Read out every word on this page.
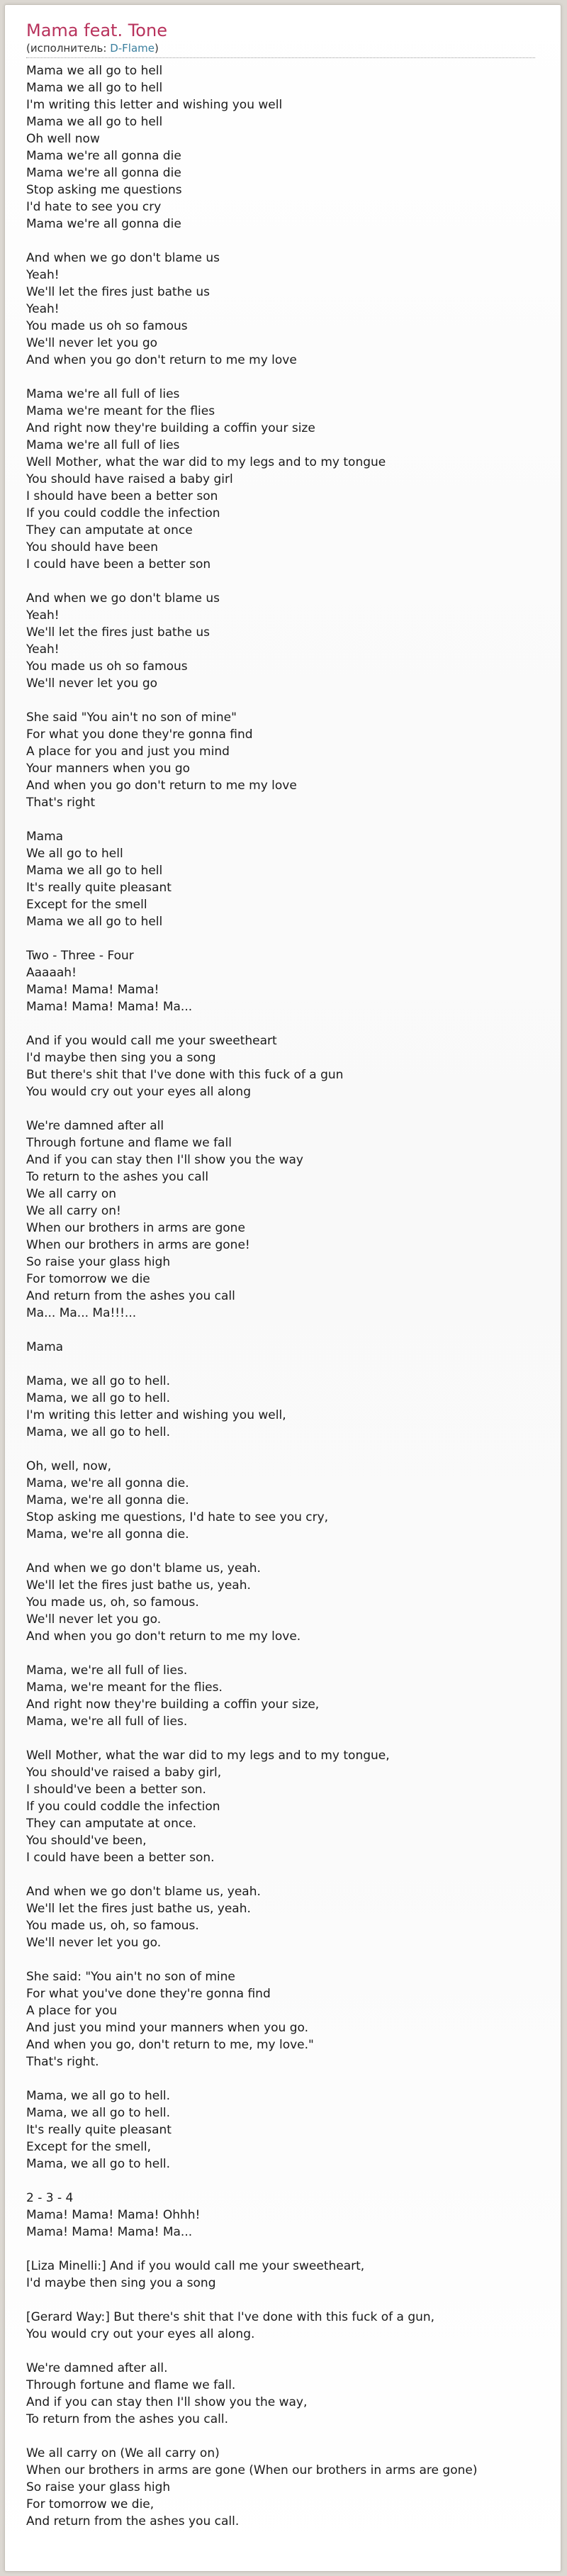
Mama feat. Tone
(исполнитель: D-Flame)
Mama we all go to hell
Mama we all go to hell
I'm writing this letter and wishing you well
Mama we all go to hell
Oh well now
Mama we're all gonna die
Mama we're all gonna die
Stop asking me questions
I'd hate to see you cry
Mama we're all gonna die
And when we go don't blame us
Yeah!
We'll let the fires just bathe us
Yeah!
You made us oh so famous
We'll never let you go
And when you go don't return to me my love
Mama we're all full of lies
Mama we're meant for the flies
And right now they're building a coffin your size
Mama we're all full of lies
Well Mother, what the war did to my legs and to my tongue
You should have raised a baby girl
I should have been a better son
If you could coddle the infection
They can amputate at once
You should have been
I could have been a better son
And when we go don't blame us
Yeah!
We'll let the fires just bathe us
Yeah!
You made us oh so famous
We'll never let you go
She said "You ain't no son of mine"
For what you done they're gonna find
A place for you and just you mind
Your manners when you go
And when you go don't return to me my love
That's right
Mama
We all go to hell
Mama we all go to hell
It's really quite pleasant
Except for the smell
Mama we all go to hell
Two - Three - Four
Aaaaah!
Mama! Mama! Mama!
Mama! Mama! Mama! Ma...
And if you would call me your sweetheart
I'd maybe then sing you a song
But there's shit that I've done with this fuck of a gun
You would cry out your eyes all along
We're damned after all
Through fortune and flame we fall
And if you can stay then I'll show you the way
To return to the ashes you call
We all carry on
We all carry on!
When our brothers in arms are gone
When our brothers in arms are gone!
So raise your glass high
For tomorrow we die
And return from the ashes you call
Ma... Ma... Ma!!!...
Mama
Mama, we all go to hell.
Mama, we all go to hell.
I'm writing this letter and wishing you well,
Mama, we all go to hell.
Oh, well, now,
Mama, we're all gonna die.
Mama, we're all gonna die.
Stop asking me questions, I'd hate to see you cry,
Mama, we're all gonna die.
And when we go don't blame us, yeah.
We'll let the fires just bathe us, yeah.
You made us, oh, so famous.
We'll never let you go.
And when you go don't return to me my love.
Mama, we're all full of lies.
Mama, we're meant for the flies.
And right now they're building a coffin your size,
Mama, we're all full of lies.
Well Mother, what the war did to my legs and to my tongue,
You should've raised a baby girl,
I should've been a better son.
If you could coddle the infection
They can amputate at once.
You should've been,
I could have been a better son.
And when we go don't blame us, yeah.
We'll let the fires just bathe us, yeah.
You made us, oh, so famous.
We'll never let you go.
She said: "You ain't no son of mine
For what you've done they're gonna find
A place for you
And just you mind your manners when you go.
And when you go, don't return to me, my love."
That's right.
Mama, we all go to hell.
Mama, we all go to hell.
It's really quite pleasant
Except for the smell,
Mama, we all go to hell.
2 - 3 - 4
Mama! Mama! Mama! Ohhh!
Mama! Mama! Mama! Ma...
[Liza Minelli:] And if you would call me your sweetheart,
I'd maybe then sing you a song
[Gerard Way:] But there's shit that I've done with this fuck of a gun,
You would cry out your eyes all along.
We're damned after all.
Through fortune and flame we fall.
And if you can stay then I'll show you the way,
To return from the ashes you call.
We all carry on (We all carry on)
When our brothers in arms are gone (When our brothers in arms are gone)
So raise your glass high
For tomorrow we die,
And return from the ashes you call.
